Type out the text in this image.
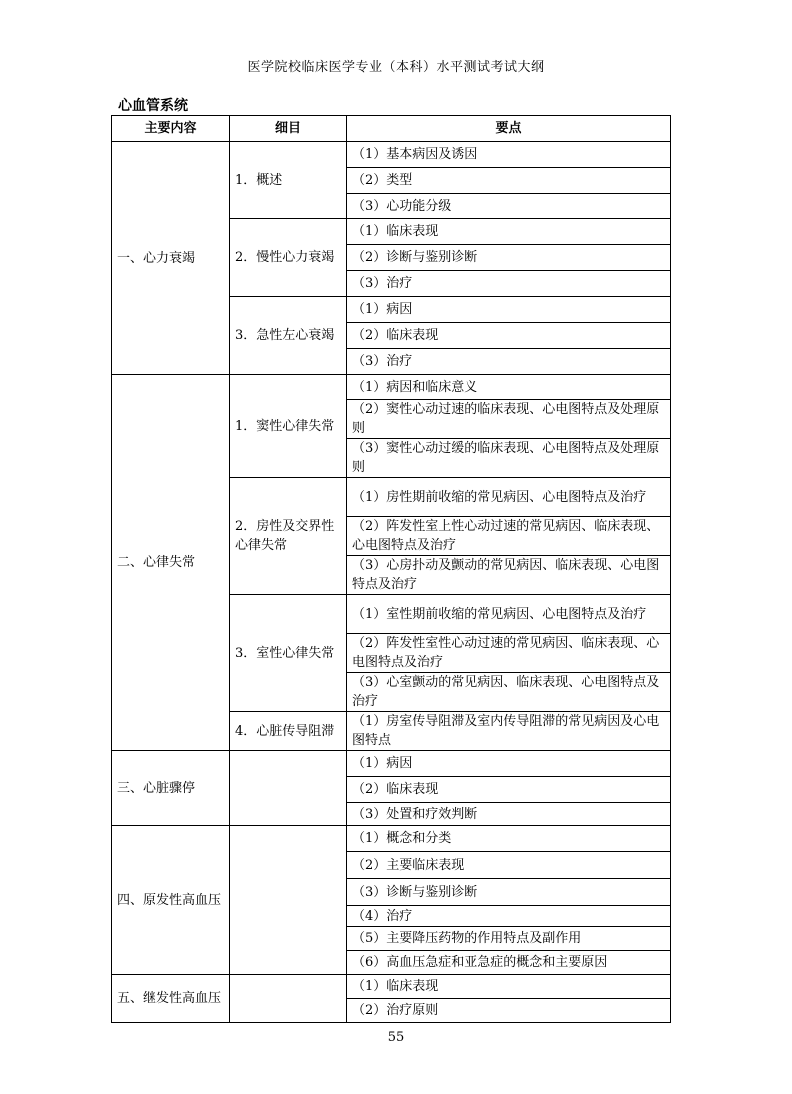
医学院校临床医学专业（本科）水平测试考试大纲
心血管系统
主要内容	细目	要点
一、心力衰竭	1．概述	（1）基本病因及诱因
		（2）类型
		（3）心功能分级
	2．慢性心力衰竭	（1）临床表现
		（2）诊断与鉴别诊断
		（3）治疗
	3．急性左心衰竭	（1）病因
		（2）临床表现
		（3）治疗
二、心律失常	1．窦性心律失常	（1）病因和临床意义
		（2）窦性心动过速的临床表现、心电图特点及处理原则
		（3）窦性心动过缓的临床表现、心电图特点及处理原则
	2．房性及交界性心律失常	（1）房性期前收缩的常见病因、心电图特点及治疗
		（2）阵发性室上性心动过速的常见病因、临床表现、心电图特点及治疗
		（3）心房扑动及颤动的常见病因、临床表现、心电图特点及治疗
	3．室性心律失常	（1）室性期前收缩的常见病因、心电图特点及治疗
		（2）阵发性室性心动过速的常见病因、临床表现、心电图特点及治疗
		（3）心室颤动的常见病因、临床表现、心电图特点及治疗
	4．心脏传导阻滞	（1）房室传导阻滞及室内传导阻滞的常见病因及心电图特点
三、心脏骤停		（1）病因
		（2）临床表现
		（3）处置和疗效判断
四、原发性高血压		（1）概念和分类
		（2）主要临床表现
		（3）诊断与鉴别诊断
		（4）治疗
		（5）主要降压药物的作用特点及副作用
		（6）高血压急症和亚急症的概念和主要原因
五、继发性高血压		（1）临床表现
		（2）治疗原则
55
